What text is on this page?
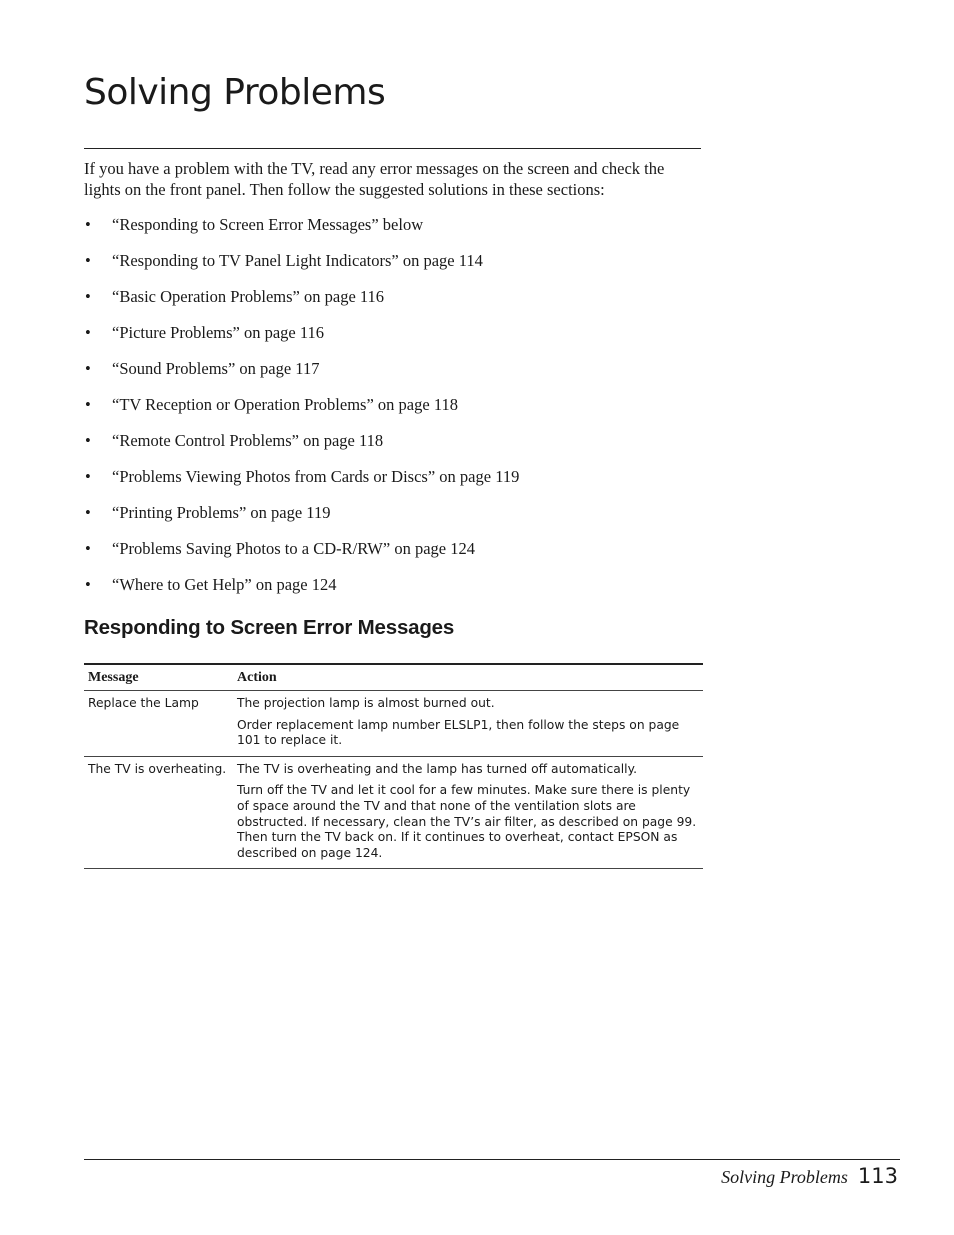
Solving Problems

If you have a problem with the TV, read any error messages on the screen and check the lights on the front panel. Then follow the suggested solutions in these sections:

• “Responding to Screen Error Messages” below
• “Responding to TV Panel Light Indicators” on page 114
• “Basic Operation Problems” on page 116
• “Picture Problems” on page 116
• “Sound Problems” on page 117
• “TV Reception or Operation Problems” on page 118
• “Remote Control Problems” on page 118
• “Problems Viewing Photos from Cards or Discs” on page 119
• “Printing Problems” on page 119
• “Problems Saving Photos to a CD-R/RW” on page 124
• “Where to Get Help” on page 124
Responding to Screen Error Messages
Message	Action
Replace the Lamp	The projection lamp is almost burned out.

Order replacement lamp number ELSLP1, then follow the steps on page 101 to replace it.

The TV is overheating.	The TV is overheating and the lamp has turned off automatically.

Turn off the TV and let it cool for a few minutes. Make sure there is plenty of space around the TV and that none of the ventilation slots are obstructed. If necessary, clean the TV’s air filter, as described on page 99. Then turn the TV back on. If it continues to overheat, contact EPSON as described on page 124.

Solving Problems 113
